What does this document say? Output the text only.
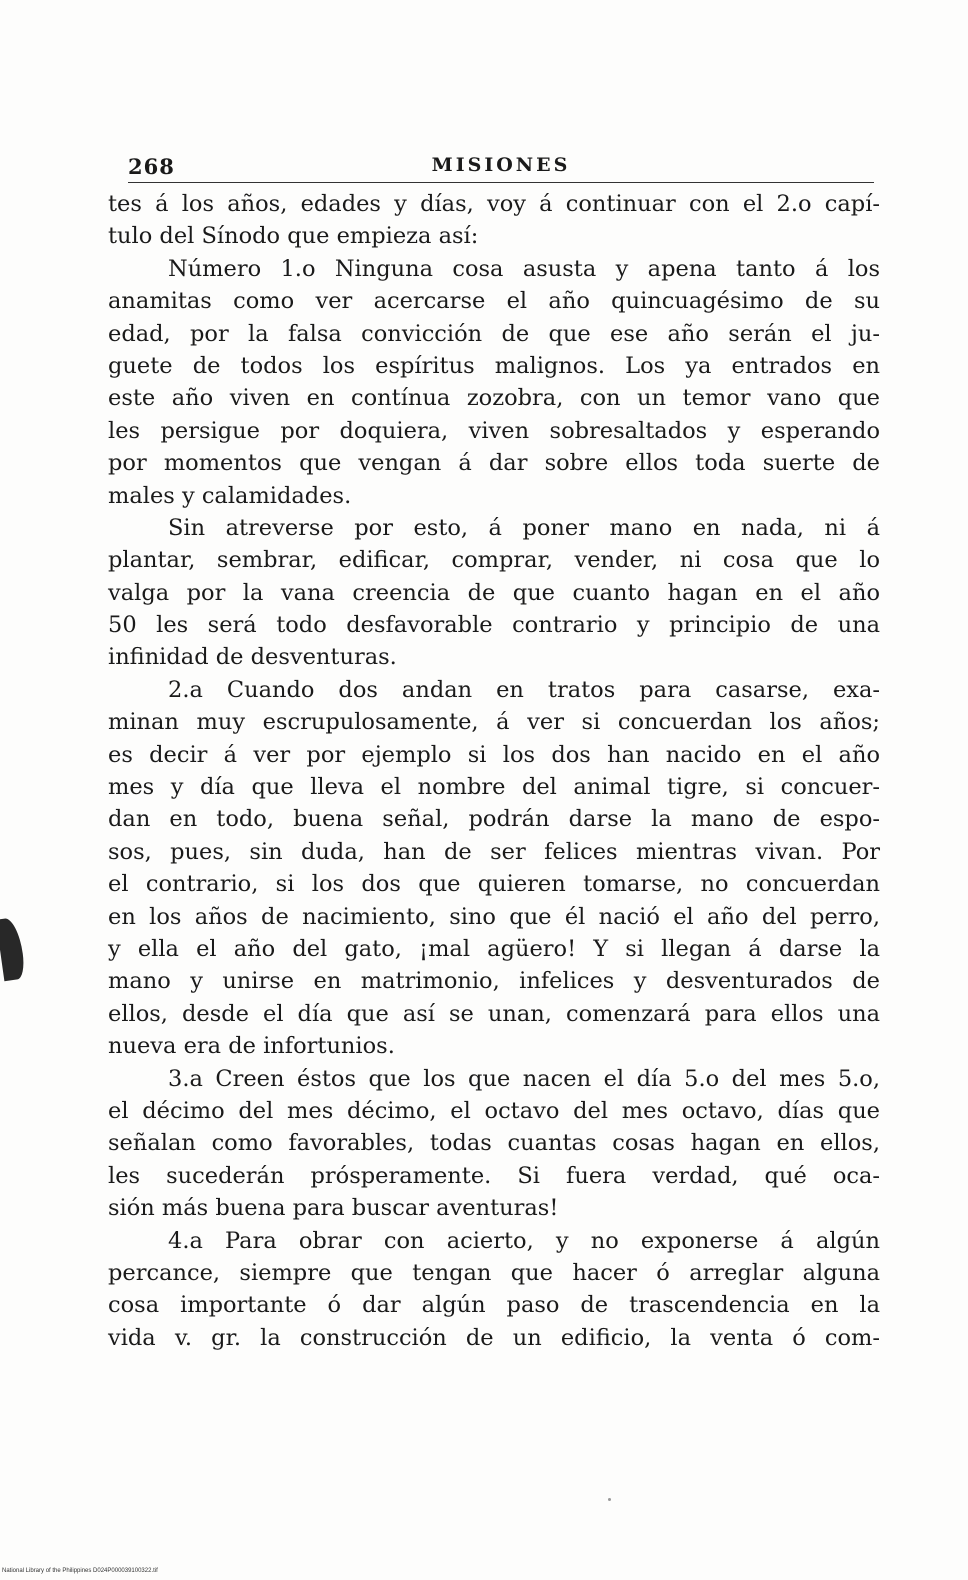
268	MISIONES
tes á los años, edades y días, voy á continuar con el 2.o capí-
tulo del Sínodo que empieza así:
Número 1.o Ninguna cosa asusta y apena tanto á los
anamitas como ver acercarse el año quincuagésimo de su
edad, por la falsa convicción de que ese año serán el ju-
guete de todos los espíritus malignos. Los ya entrados en
este año viven en contínua zozobra, con un temor vano que
les persigue por doquiera, viven sobresaltados y esperando
por momentos que vengan á dar sobre ellos toda suerte de
males y calamidades.
Sin atreverse por esto, á poner mano en nada, ni á
plantar, sembrar, edificar, comprar, vender, ni cosa que lo
valga por la vana creencia de que cuanto hagan en el año
50 les será todo desfavorable contrario y principio de una
infinidad de desventuras.
2.a Cuando dos andan en tratos para casarse, exa-
minan muy escrupulosamente, á ver si concuerdan los años;
es decir á ver por ejemplo si los dos han nacido en el año
mes y día que lleva el nombre del animal tigre, si concuer-
dan en todo, buena señal, podrán darse la mano de espo-
sos, pues, sin duda, han de ser felices mientras vivan. Por
el contrario, si los dos que quieren tomarse, no concuerdan
en los años de nacimiento, sino que él nació el año del perro,
y ella el año del gato, ¡mal agüero! Y si llegan á darse la
mano y unirse en matrimonio, infelices y desventurados de
ellos, desde el día que así se unan, comenzará para ellos una
nueva era de infortunios.
3.a Creen éstos que los que nacen el día 5.o del mes 5.o,
el décimo del mes décimo, el octavo del mes octavo, días que
señalan como favorables, todas cuantas cosas hagan en ellos,
les sucederán prósperamente. Si fuera verdad, qué oca-
sión más buena para buscar aventuras!
4.a Para obrar con acierto, y no exponerse á algún
percance, siempre que tengan que hacer ó arreglar alguna
cosa importante ó dar algún paso de trascendencia en la
vida v. gr. la construcción de un edificio, la venta ó com-
National Library of the Philippines D024P000039100322.tif
